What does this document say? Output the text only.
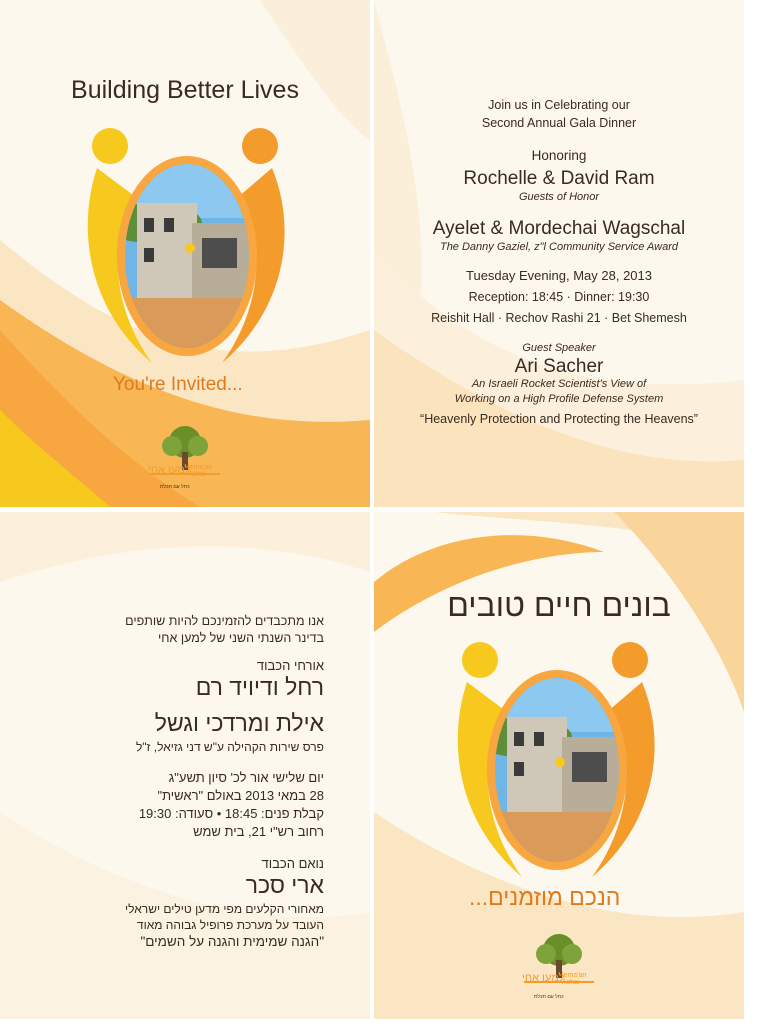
Building Better Lives
You're Invited...
למען אחי
lema'an Achai
כחל עם תכלת
Join us in Celebrating our
Second Annual Gala Dinner
Honoring
Rochelle & David Ram
Guests of Honor
Ayelet & Mordechai Wagschal
The Danny Gaziel, z"l Community Service Award
Tuesday Evening, May 28, 2013
Reception: 18:45 · Dinner: 19:30
Reishit Hall · Rechov Rashi 21 · Bet Shemesh
Guest Speaker
Ari Sacher
An Israeli Rocket Scientist's View of
Working on a High Profile Defense System
“Heavenly Protection and Protecting the Heavens”
אנו מתכבדים להזמינכם להיות שותפים
בדינר השנתי השני של למען אחי
אורחי הכבוד
רחל ודיויד רם
אילת ומרדכי וגשל
פרס שירות הקהילה ע"ש דני גזיאל, ז"ל
יום שלישי אור לכ' סיון תשע"ג
28 במאי 2013 באולם "ראשית"
קבלת פנים: 18:45 • סעודה: 19:30
רחוב רש"י 21, בית שמש
נואם הכבוד
ארי סכר
מאחורי הקלעים מפי מדען טילים ישראלי
העובד על מערכת פרופיל גבוהה מאוד
"הגנה שמימית והגנה על השמים"
בונים חיים טובים
הנכם מוזמנים...
למען אחי
lema'an Achai
כחל עם תכלת
